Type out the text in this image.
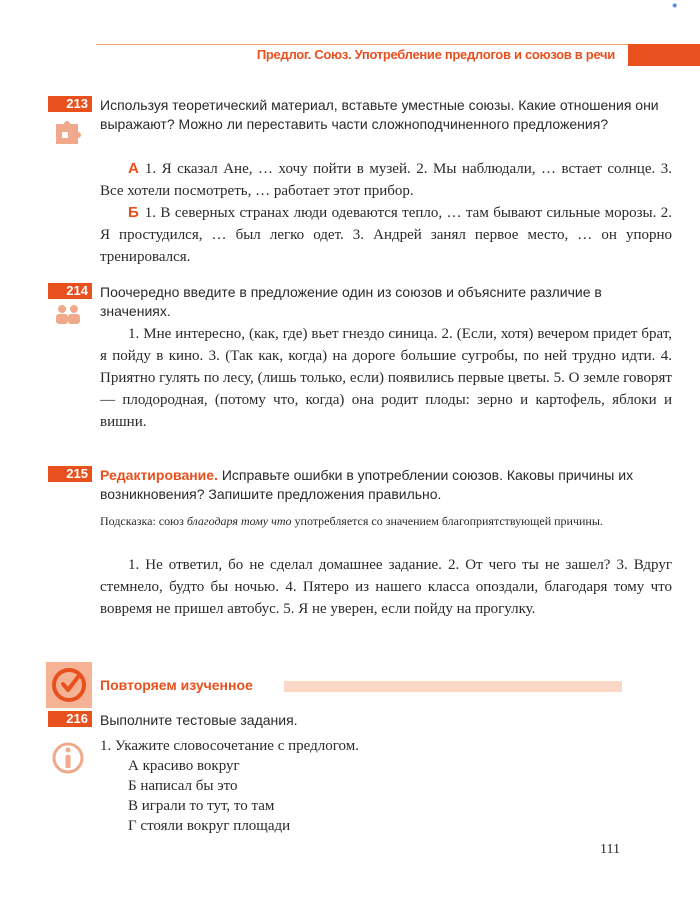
◉
Предлог. Союз. Употребление предлогов и союзов в речи
213 Используя теоретический материал, вставьте уместные союзы. Какие отношения они выражают? Можно ли переставить части сложноподчиненного предложения?
А 1. Я сказал Ане, … хочу пойти в музей. 2. Мы наблюдали, … встает солнце. 3. Все хотели посмотреть, … работает этот прибор.
Б 1. В северных странах люди одеваются тепло, … там бывают сильные морозы. 2. Я простудился, … был легко одет. 3. Андрей занял первое место, … он упорно тренировался.
214 Поочередно введите в предложение один из союзов и объясните различие в значениях.
1. Мне интересно, (как, где) вьет гнездо синица. 2. (Если, хотя) вечером придет брат, я пойду в кино. 3. (Так как, когда) на дороге большие сугробы, по ней трудно идти. 4. Приятно гулять по лесу, (лишь только, если) появились первые цветы. 5. О земле говорят — плодородная, (потому что, когда) она родит плоды: зерно и картофель, яблоки и вишни.
215 Редактирование. Исправьте ошибки в употреблении союзов. Каковы причины их возникновения? Запишите предложения правильно.
Подсказка: союз благодаря тому что употребляется со значением благоприятствующей причины.
1. Не ответил, бо не сделал домашнее задание. 2. От чего ты не зашел? 3. Вдруг стемнело, будто бы ночью. 4. Пятеро из нашего класса опоздали, благодаря тому что вовремя не пришел автобус. 5. Я не уверен, если пойду на прогулку.
Повторяем изученное
216 Выполните тестовые задания.
1. Укажите словосочетание с предлогом.
А красиво вокруг
Б написал бы это
В играли то тут, то там
Г стояли вокруг площади
111
